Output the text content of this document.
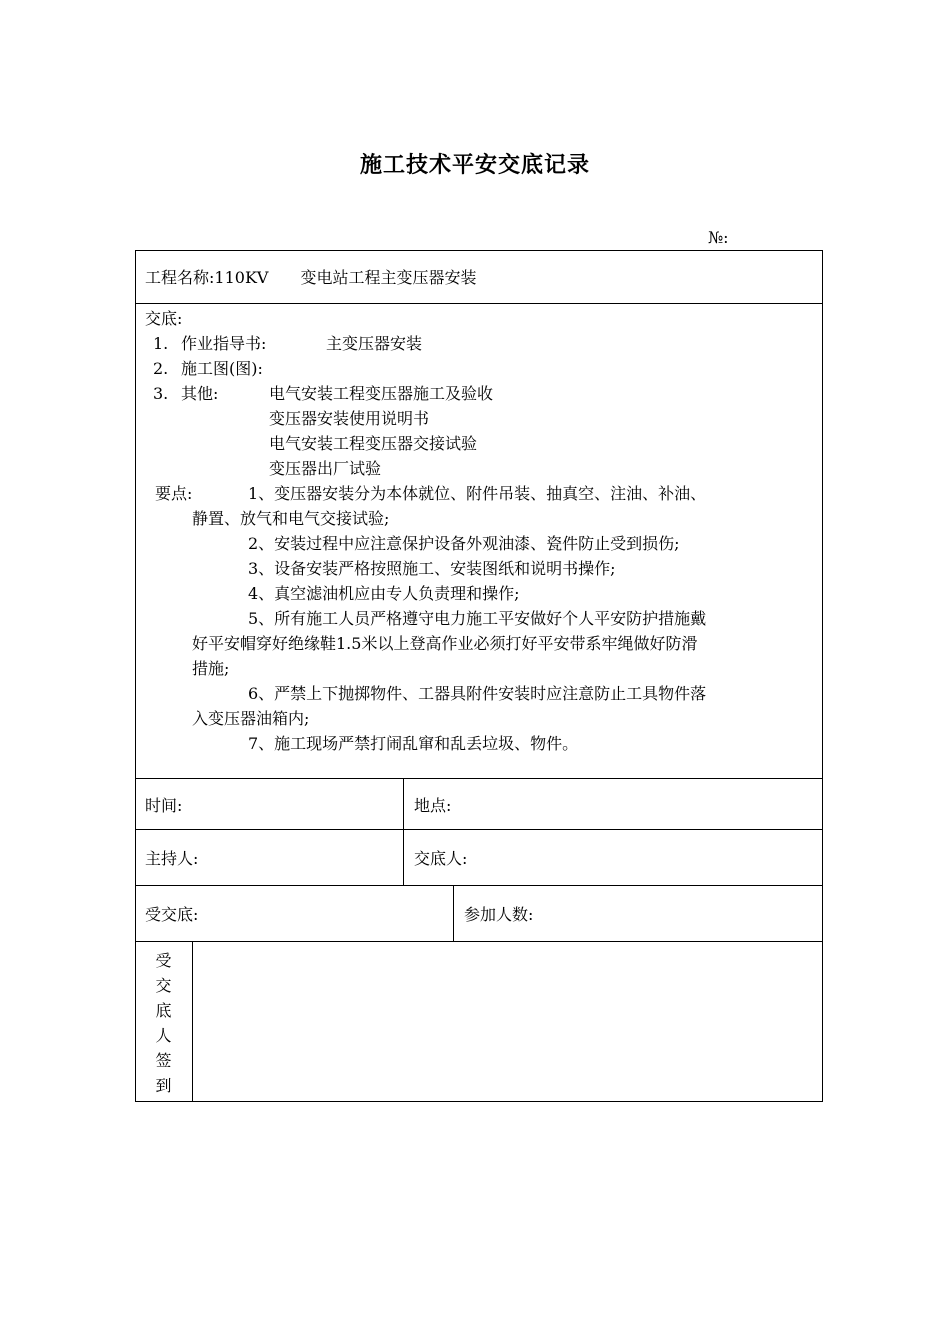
施工技术平安交底记录
№:
工程名称: 110KV　　变电站工程主变压器安装
交底:
1. 作业指导书:	主变压器安装
2. 施工图(图):
3. 其他:	电气安装工程变压器施工及验收
变压器安装使用说明书
电气安装工程变压器交接试验
变压器出厂试验
要点:	1、变压器安装分为本体就位、附件吊装、抽真空、注油、补油、
静置、放气和电气交接试验;
2、安装过程中应注意保护设备外观油漆、瓷件防止受到损伤;
3、设备安装严格按照施工、安装图纸和说明书操作;
4、真空滤油机应由专人负责理和操作;
5、所有施工人员严格遵守电力施工平安做好个人平安防护措施戴
好平安帽穿好绝缘鞋1.5米以上登高作业必须打好平安带系牢绳做好防滑
措施;
6、严禁上下抛掷物件、工器具附件安装时应注意防止工具物件落
入变压器油箱内;
7、施工现场严禁打闹乱窜和乱丢垃圾、物件。
时间:	地点:
主持人:	交底人:
受交底:	参加人数:
受
交
底
人
签
到
